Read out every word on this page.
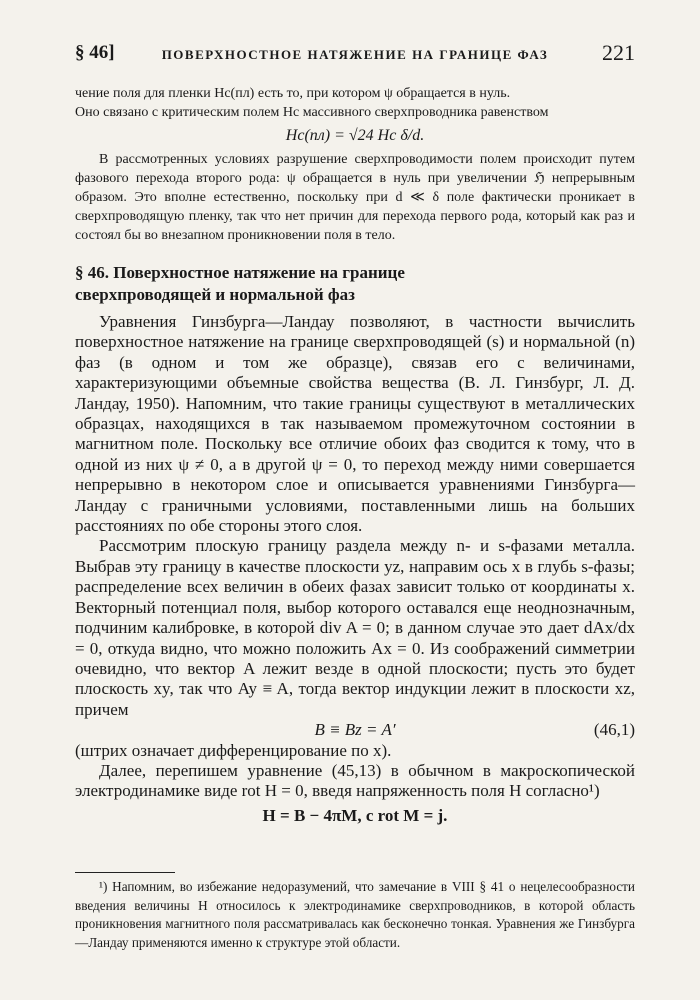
§ 46]	ПОВЕРХНОСТНОЕ НАТЯЖЕНИЕ НА ГРАНИЦЕ ФАЗ	221

чение поля для пленки Hc(пл) есть то, при котором ψ обращается в нуль.

Оно связано с критическим полем Hc массивного сверхпроводника равенством

Hc(пл) = √24 Hc δ/d.

В рассмотренных условиях разрушение сверхпроводимости полем происходит путем фазового перехода второго рода: ψ обращается в нуль при увеличении ℌ непрерывным образом. Это вполне естественно, поскольку при d ≪ δ поле фактически проникает в сверхпроводящую пленку, так что нет причин для перехода первого рода, который как раз и состоял бы во внезапном проникновении поля в тело.

§ 46. Поверхностное натяжение на границе
сверхпроводящей и нормальной фаз

Уравнения Гинзбурга—Ландау позволяют, в частности вычислить поверхностное натяжение на границе сверхпроводящей (s) и нормальной (n) фаз (в одном и том же образце), связав его с величинами, характеризующими объемные свойства вещества (В. Л. Гинзбург, Л. Д. Ландау, 1950). Напомним, что такие границы существуют в металлических образцах, находящихся в так называемом промежуточном состоянии в магнитном поле. Поскольку все отличие обоих фаз сводится к тому, что в одной из них ψ ≠ 0, а в другой ψ = 0, то переход между ними совершается непрерывно в некотором слое и описывается уравнениями Гинзбурга—Ландау с граничными условиями, поставленными лишь на больших расстояниях по обе стороны этого слоя.

Рассмотрим плоскую границу раздела между n- и s-фазами металла. Выбрав эту границу в качестве плоскости yz, направим ось x в глубь s-фазы; распределение всех величин в обеих фазах зависит только от координаты x. Векторный потенциал поля, выбор которого оставался еще неоднозначным, подчиним калибровке, в которой div A = 0; в данном случае это дает dAx/dx = 0, откуда видно, что можно положить Ax = 0. Из соображений симметрии очевидно, что вектор A лежит везде в одной плоскости; пусть это будет плоскость xy, так что Ay ≡ A, тогда вектор индукции лежит в плоскости xz, причем

B ≡ Bz = A′	(46,1)

(штрих означает дифференцирование по x).

Далее, перепишем уравнение (45,13) в обычном в макроскопической электродинамике виде rot H = 0, введя напряженность поля H согласно¹)

H = B − 4πM, c rot M = j.

¹) Напомним, во избежание недоразумений, что замечание в VIII § 41 о нецелесообразности введения величины H относилось к электродинамике сверхпроводников, в которой область проникновения магнитного поля рассматривалась как бесконечно тонкая. Уравнения же Гинзбурга—Ландау применяются именно к структуре этой области.
